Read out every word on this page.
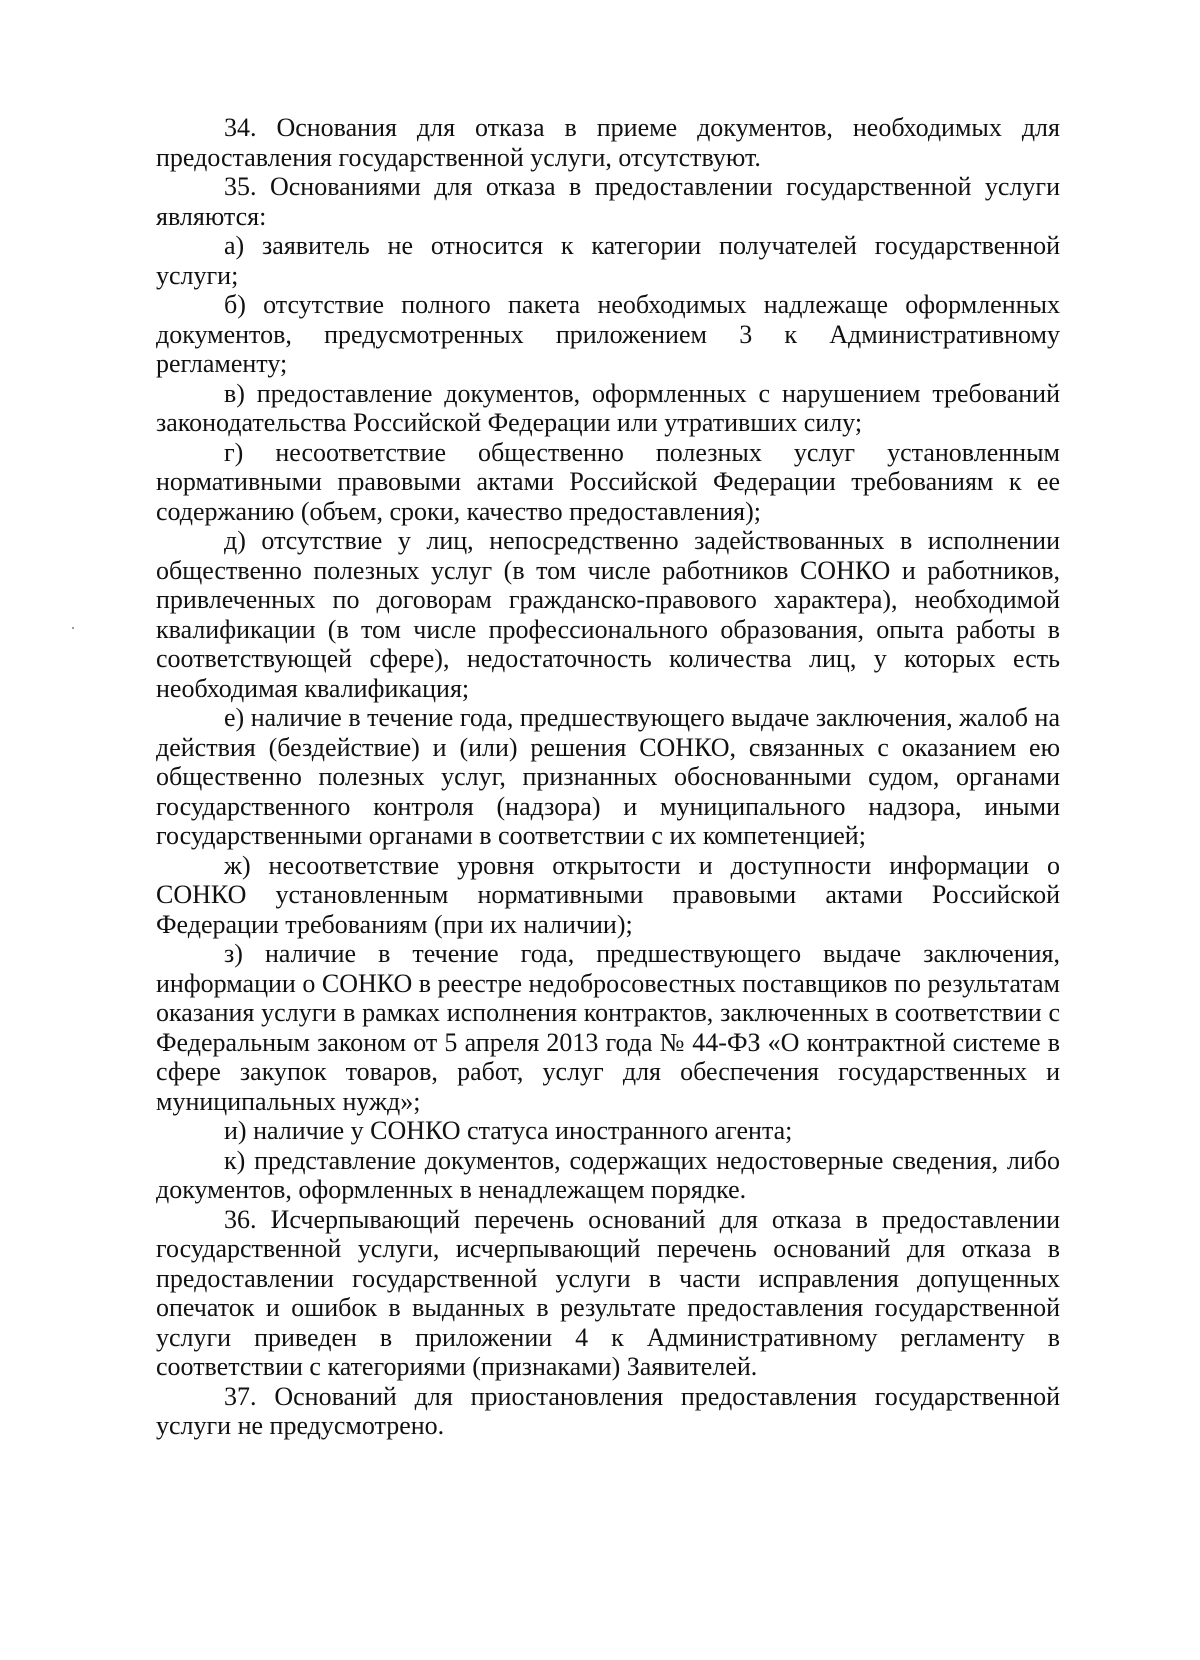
34. Основания для отказа в приеме документов, необходимых для предоставления государственной услуги, отсутствуют.

35. Основаниями для отказа в предоставлении государственной услуги являются:

а) заявитель не относится к категории получателей государственной услуги;

б) отсутствие полного пакета необходимых надлежаще оформленных документов, предусмотренных приложением 3 к Административному регламенту;

в) предоставление документов, оформленных с нарушением требований законодательства Российской Федерации или утративших силу;

г) несоответствие общественно полезных услуг установленным нормативными правовыми актами Российской Федерации требованиям к ее содержанию (объем, сроки, качество предоставления);

д) отсутствие у лиц, непосредственно задействованных в исполнении общественно полезных услуг (в том числе работников СОНКО и работников, привлеченных по договорам гражданско-правового характера), необходимой квалификации (в том числе профессионального образования, опыта работы в соответствующей сфере), недостаточность количества лиц, у которых есть необходимая квалификация;

е) наличие в течение года, предшествующего выдаче заключения, жалоб на действия (бездействие) и (или) решения СОНКО, связанных с оказанием ею общественно полезных услуг, признанных обоснованными судом, органами государственного контроля (надзора) и муниципального надзора, иными государственными органами в соответствии с их компетенцией;

ж) несоответствие уровня открытости и доступности информации о СОНКО установленным нормативными правовыми актами Российской Федерации требованиям (при их наличии);

з) наличие в течение года, предшествующего выдаче заключения, информации о СОНКО в реестре недобросовестных поставщиков по результатам оказания услуги в рамках исполнения контрактов, заключенных в соответствии с Федеральным законом от 5 апреля 2013 года № 44-ФЗ «О контрактной системе в сфере закупок товаров, работ, услуг для обеспечения государственных и муниципальных нужд»;

и) наличие у СОНКО статуса иностранного агента;

к) представление документов, содержащих недостоверные сведения, либо документов, оформленных в ненадлежащем порядке.

36. Исчерпывающий перечень оснований для отказа в предоставлении государственной услуги, исчерпывающий перечень оснований для отказа в предоставлении государственной услуги в части исправления допущенных опечаток и ошибок в выданных в результате предоставления государственной услуги приведен в приложении 4 к Административному регламенту в соответствии с категориями (признаками) Заявителей.

37. Оснований для приостановления предоставления государственной услуги не предусмотрено.
